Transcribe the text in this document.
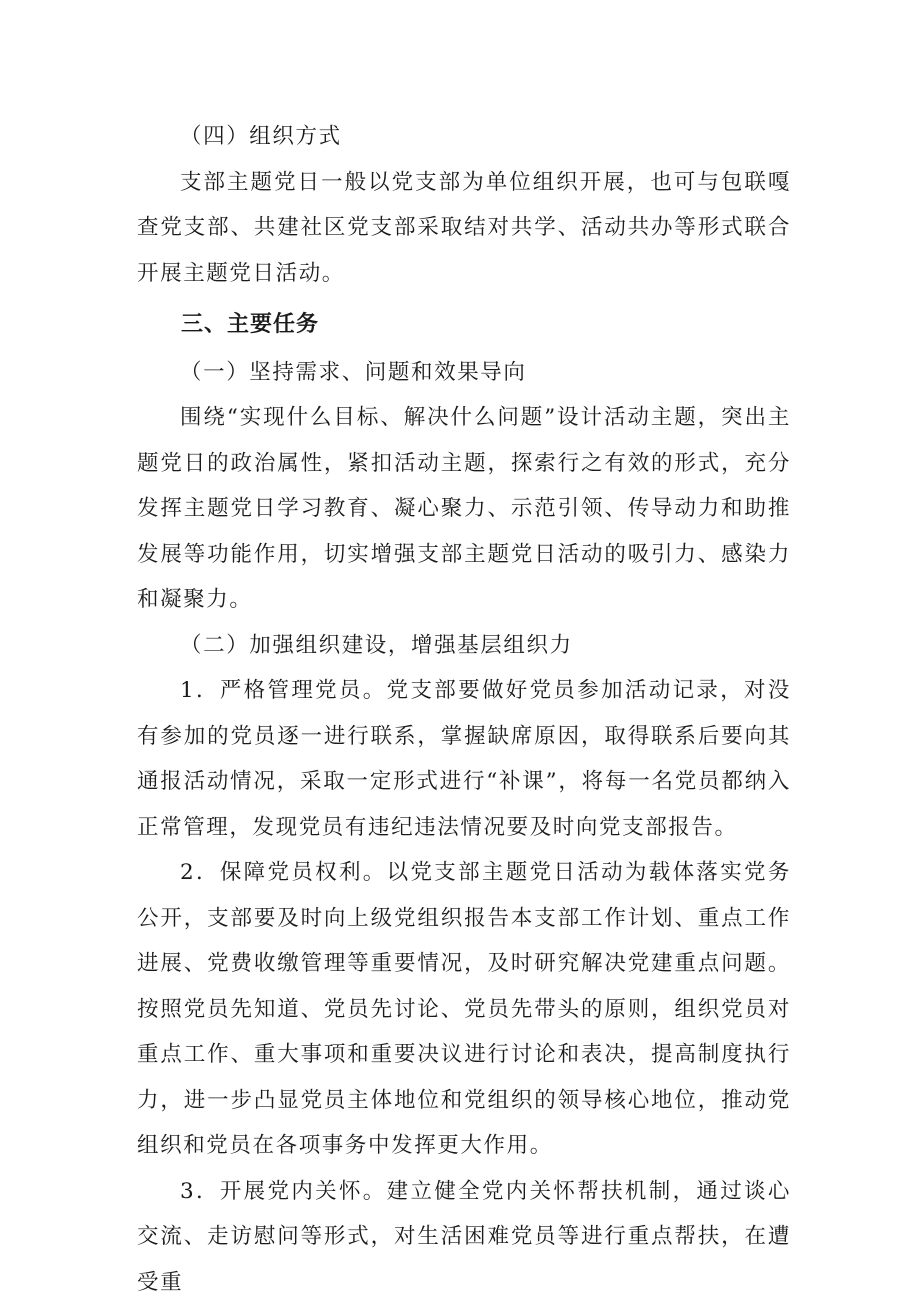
（四）组织方式

支部主题党日一般以党支部为单位组织开展，也可与包联嘎查党支部、共建社区党支部采取结对共学、活动共办等形式联合开展主题党日活动。

三、主要任务

（一）坚持需求、问题和效果导向

围绕“实现什么目标、解决什么问题”设计活动主题，突出主题党日的政治属性，紧扣活动主题，探索行之有效的形式，充分发挥主题党日学习教育、凝心聚力、示范引领、传导动力和助推发展等功能作用，切实增强支部主题党日活动的吸引力、感染力和凝聚力。

（二）加强组织建设，增强基层组织力

1．严格管理党员。党支部要做好党员参加活动记录，对没有参加的党员逐一进行联系，掌握缺席原因，取得联系后要向其通报活动情况，采取一定形式进行“补课”，将每一名党员都纳入正常管理，发现党员有违纪违法情况要及时向党支部报告。

2．保障党员权利。以党支部主题党日活动为载体落实党务公开，支部要及时向上级党组织报告本支部工作计划、重点工作进展、党费收缴管理等重要情况，及时研究解决党建重点问题。按照党员先知道、党员先讨论、党员先带头的原则，组织党员对重点工作、重大事项和重要决议进行讨论和表决，提高制度执行力，进一步凸显党员主体地位和党组织的领导核心地位，推动党组织和党员在各项事务中发挥更大作用。

3．开展党内关怀。建立健全党内关怀帮扶机制，通过谈心交流、走访慰问等形式，对生活困难党员等进行重点帮扶，在遭受重
